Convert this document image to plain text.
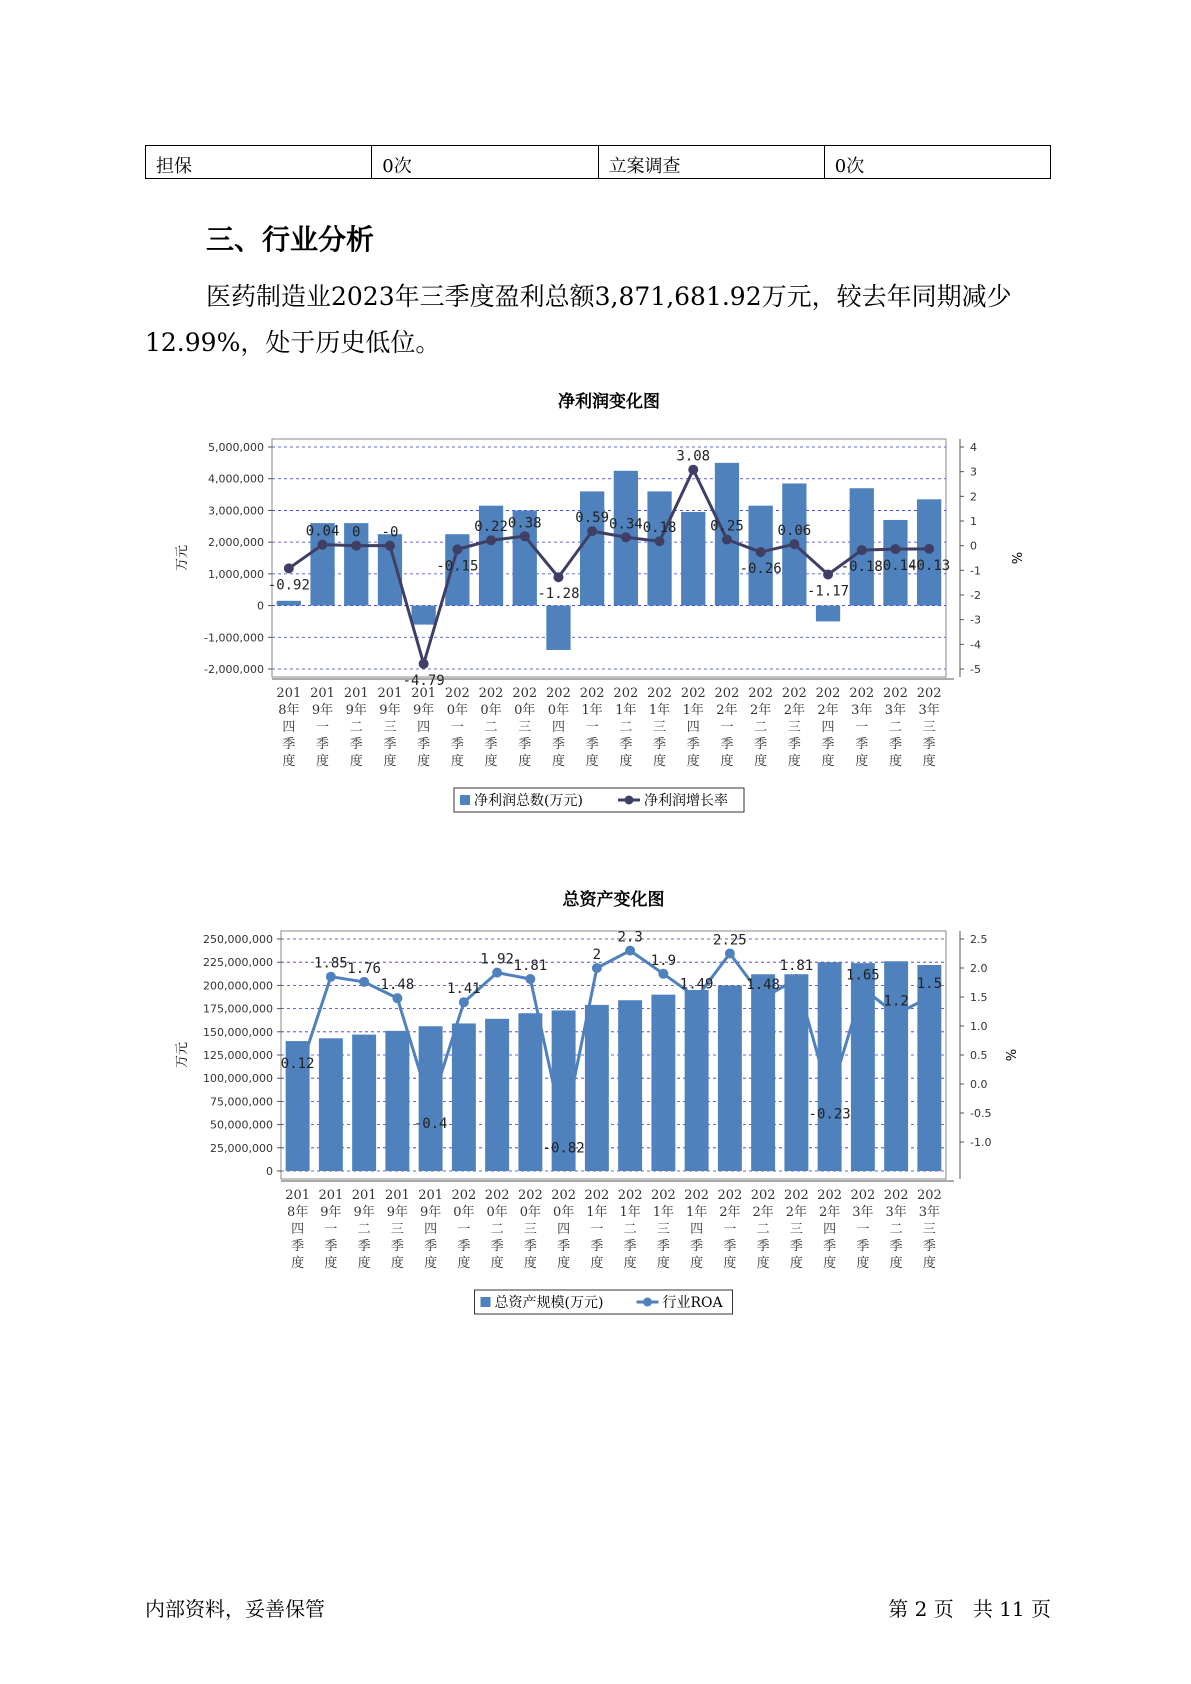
担保	0次	立案调查	0次
三、行业分析

医药制造业2023年三季度盈利总额3,871,681.92万元，较去年同期减少12.99%，处于历史低位。

净利润变化图
5,000,000
4,000,000
3,000,000
2,000,000
1,000,000
0
-1,000,000
-2,000,000
4
3
2
1
0
-1
-2
-3
-4
-5
万元	%
-0.92
0.04 0 -0
-4.79
-0.15
0.22 0.38
-1.28
0.59 0.34 0.18
3.08
0.25
-0.26
0.06
-1.17
-0.18
-0.14
-0.13
201
8年
四
季
度
201
9年
一
季
度
201
9年
二
季
度
201
9年
三
季
度
201
9年
四
季
度
202
0年
一
季
度
202
0年
二
季
度
202
0年
三
季
度
202
0年
四
季
度
202
1年
一
季
度
202
1年
二
季
度
202
1年
三
季
度
202
1年
四
季
度
202
2年
一
季
度
202
2年
二
季
度
202
2年
三
季
度
202
2年
四
季
度
202
3年
一
季
度
202
3年
二
季
度
202
3年
三
季
度
净利润总数(万元)	净利润增长率
总资产变化图
250,000,000
225,000,000
200,000,000
175,000,000
150,000,000
125,000,000
100,000,000
75,000,000
50,000,000
25,000,000
0
2.5
2.0
1.5
1.0
0.5
0.0
-0.5
-1.0
万元	%
0.12
1.85 1.76
1.48
-0.4
1.41
1.92 1.81
-0.82
2
2.3
1.9
1.49
2.25
1.48
1.81
-0.23
1.65
1.2
1.5
201
8年
四
季
度
201
9年
一
季
度
201
9年
二
季
度
201
9年
三
季
度
201
9年
四
季
度
202
0年
一
季
度
202
0年
二
季
度
202
0年
三
季
度
202
0年
四
季
度
202
1年
一
季
度
202
1年
二
季
度
202
1年
三
季
度
202
1年
四
季
度
202
2年
一
季
度
202
2年
二
季
度
202
2年
三
季
度
202
2年
四
季
度
202
3年
一
季
度
202
3年
二
季
度
202
3年
三
季
度
总资产规模(万元)	行业ROA
内部资料，妥善保管	第 2 页 共 11 页
